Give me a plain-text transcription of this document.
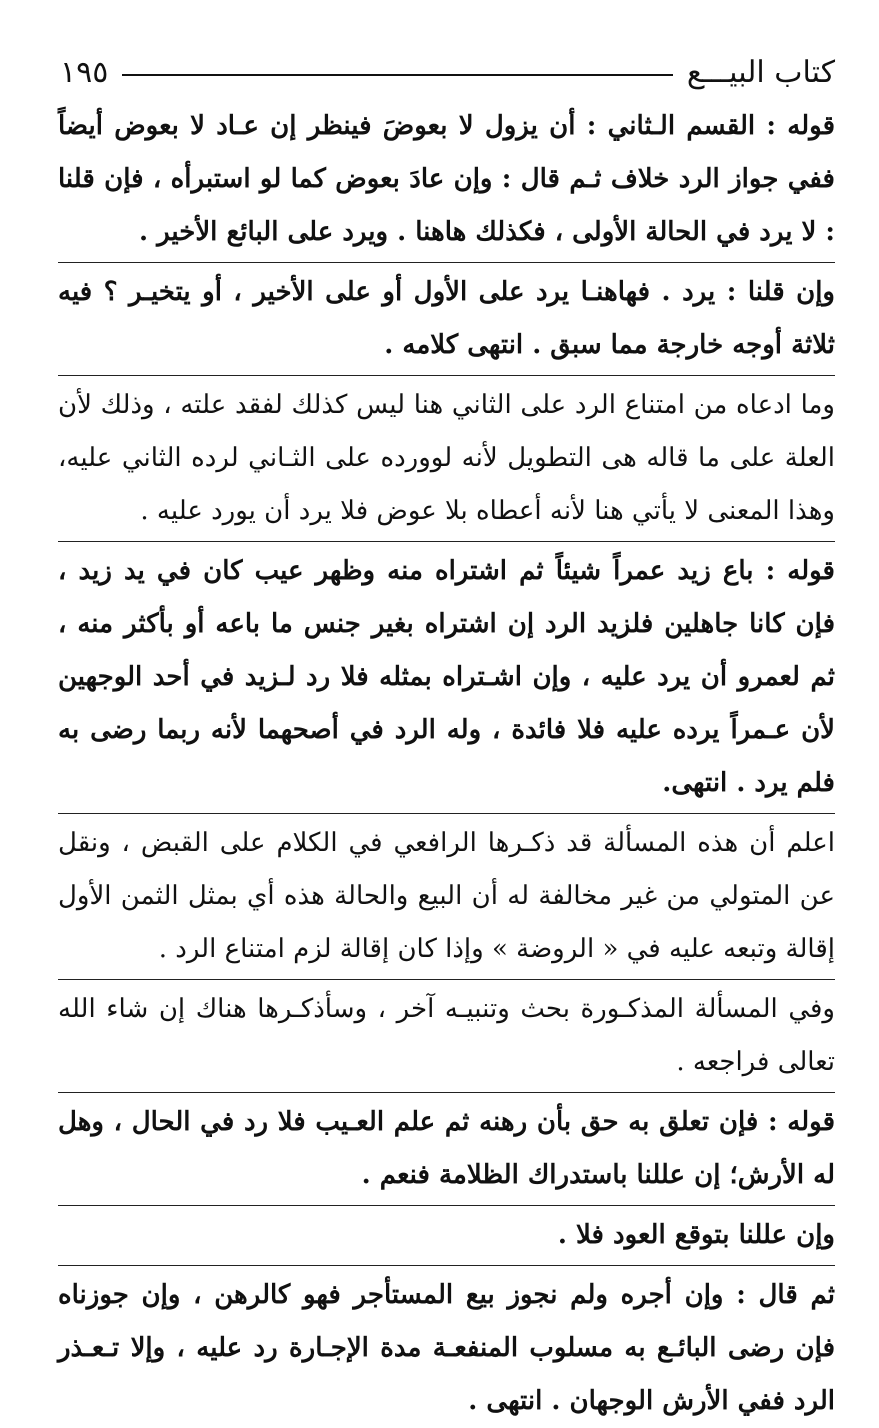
كتاب البيـــع
١٩٥

قوله : القسم الـثاني : أن يزول لا بعوضَ فينظر إن عـاد لا بعوض أيضاً ففي جواز الرد خلاف ثـم قال : وإن عادَ بعوض كما لو استبرأه ، فإن قلنا : لا يرد في الحالة الأولى ، فكذلك هاهنا . ويرد على البائع الأخير .

وإن قلنا : يرد . فهاهنـا يرد على الأول أو على الأخير ، أو يتخيـر ؟ فيه ثلاثة أوجه خارجة مما سبق . انتهى كلامه .

وما ادعاه من امتناع الرد على الثاني هنا ليس كذلك لفقد علته ، وذلك لأن العلة على ما قاله هى التطويل لأنه لوورده على الثـاني لرده الثاني عليه، وهذا المعنى لا يأتي هنا لأنه أعطاه بلا عوض فلا يرد أن يورد عليه .

قوله : باع زيد عمراً شيئاً ثم اشتراه منه وظهر عيب كان في يد زيد ، فإن كانا جاهلين فلزيد الرد إن اشتراه بغير جنس ما باعه أو بأكثر منه ، ثم لعمرو أن يرد عليه ، وإن اشـتراه بمثله فلا رد لـزيد في أحد الوجهين لأن عـمراً يرده عليه فلا فائدة ، وله الرد في أصحهما لأنه ربما رضى به فلم يرد . انتهى.

اعلم أن هذه المسألة قد ذكـرها الرافعي في الكلام على القبض ، ونقل عن المتولي من غير مخالفة له أن البيع والحالة هذه أي بمثل الثمن الأول إقالة وتبعه عليه في « الروضة » وإذا كان إقالة لزم امتناع الرد .

وفي المسألة المذكـورة بحث وتنبيـه آخر ، وسأذكـرها هناك إن شاء الله تعالى فراجعه .

قوله : فإن تعلق به حق بأن رهنه ثم علم العـيب فلا رد في الحال ، وهل له الأرش؛ إن عللنا باستدراك الظلامة فنعم .

وإن عللنا بتوقع العود فلا .

ثم قال : وإن أجره ولم نجوز بيع المستأجر فهو كالرهن ، وإن جوزناه فإن رضى البائـع به مسلوب المنفعـة مدة الإجـارة رد عليه ، وإلا تـعـذر الرد ففي الأرش الوجهان . انتهى .
